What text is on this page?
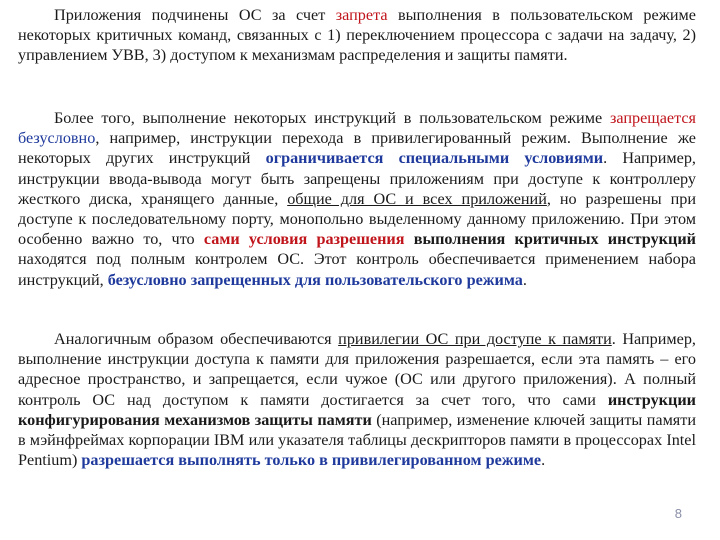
Приложения подчинены ОС за счет запрета выполнения в пользовательском режиме некоторых критичных команд, связанных с 1) переключением процессора с задачи на задачу, 2) управлением УВВ, 3) доступом к механизмам распределения и защиты памяти.
Более того, выполнение некоторых инструкций в пользовательском режиме запрещается безусловно, например, инструкции перехода в привилегированный режим. Выполнение же некоторых других инструкций ограничивается специальными условиями. Например, инструкции ввода-вывода могут быть запрещены приложениям при доступе к контроллеру жесткого диска, хранящего данные, общие для ОС и всех приложений, но разрешены при доступе к последовательному порту, монопольно выделенному данному приложению. При этом особенно важно то, что сами условия разрешения выполнения критичных инструкций находятся под полным контролем ОС. Этот контроль обеспечивается применением набора инструкций, безусловно запрещенных для пользовательского режима.
Аналогичным образом обеспечиваются привилегии ОС при доступе к памяти. Например, выполнение инструкции доступа к памяти для приложения разрешается, если эта память – его адресное пространство, и запрещается, если чужое (ОС или другого приложения). А полный контроль ОС над доступом к памяти достигается за счет того, что сами инструкции конфигурирования механизмов защиты памяти (например, изменение ключей защиты памяти в мэйнфреймах корпорации IBM или указателя таблицы дескрипторов памяти в процессорах Intel Pentium) разрешается выполнять только в привилегированном режиме.
8
